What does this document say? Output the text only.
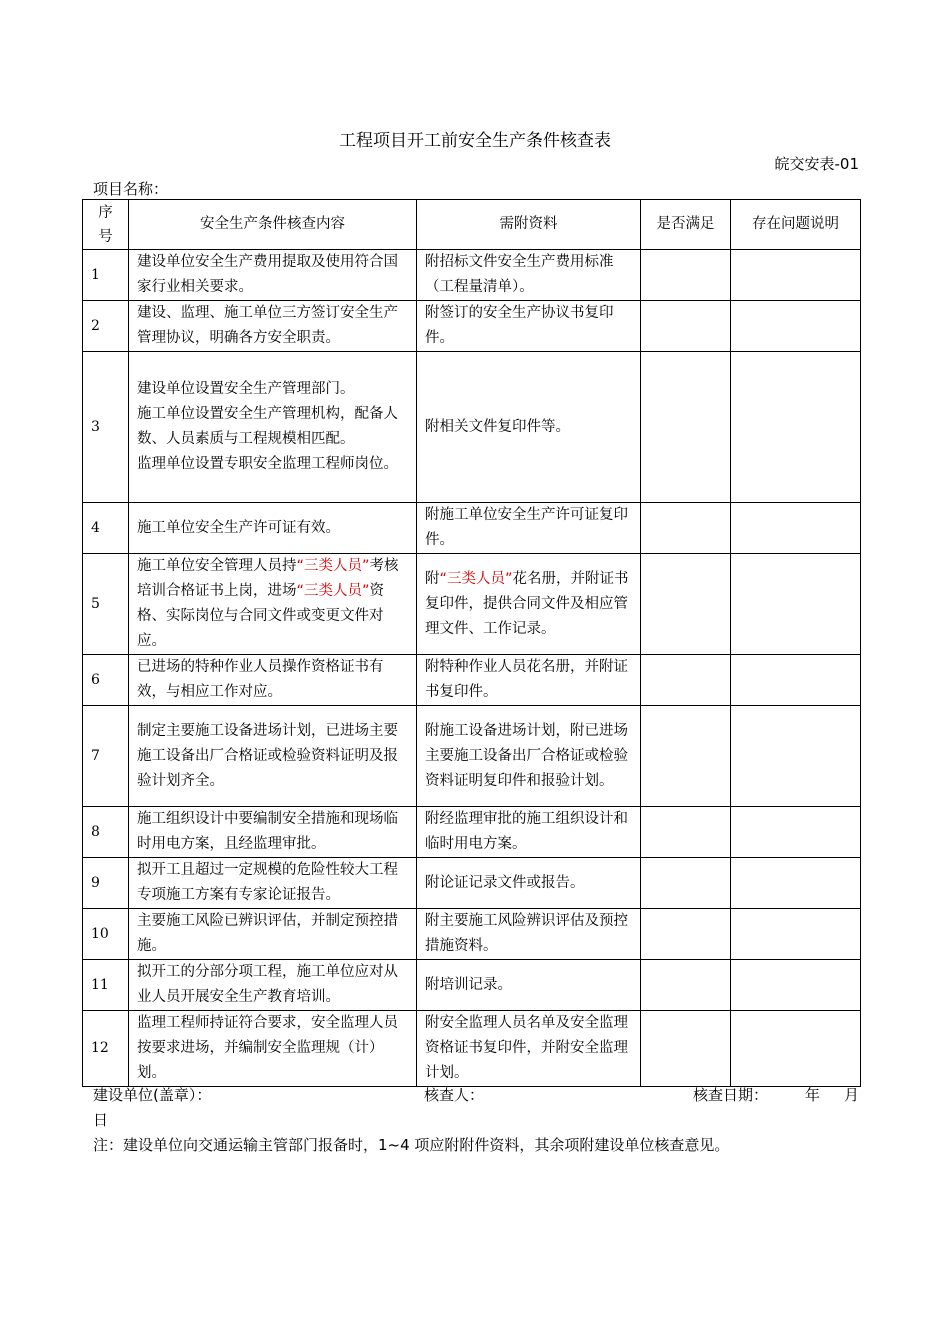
工程项目开工前安全生产条件核查表
皖交安表-01
项目名称：
序号	安全生产条件核查内容	需附资料	是否满足	存在问题说明
1	建设单位安全生产费用提取及使用符合国家行业相关要求。	附招标文件安全生产费用标准（工程量清单）。		
2	建设、监理、施工单位三方签订安全生产管理协议，明确各方安全职责。	附签订的安全生产协议书复印件。		
3	建设单位设置安全生产管理部门。
施工单位设置安全生产管理机构，配备人数、人员素质与工程规模相匹配。
监理单位设置专职安全监理工程师岗位。	附相关文件复印件等。		
4	施工单位安全生产许可证有效。	附施工单位安全生产许可证复印件。		
5	施工单位安全管理人员持“三类人员”考核培训合格证书上岗，进场“三类人员”资格、实际岗位与合同文件或变更文件对应。	附“三类人员”花名册，并附证书复印件，提供合同文件及相应管理文件、工作记录。		
6	已进场的特种作业人员操作资格证书有效，与相应工作对应。	附特种作业人员花名册，并附证书复印件。		
7	制定主要施工设备进场计划，已进场主要施工设备出厂合格证或检验资料证明及报验计划齐全。	附施工设备进场计划，附已进场主要施工设备出厂合格证或检验资料证明复印件和报验计划。		
8	施工组织设计中要编制安全措施和现场临时用电方案，且经监理审批。	附经监理审批的施工组织设计和临时用电方案。		
9	拟开工且超过一定规模的危险性较大工程专项施工方案有专家论证报告。	附论证记录文件或报告。		
10	主要施工风险已辨识评估，并制定预控措施。	附主要施工风险辨识评估及预控措施资料。		
11	拟开工的分部分项工程，施工单位应对从业人员开展安全生产教育培训。	附培训记录。		
12	监理工程师持证符合要求，安全监理人员按要求进场，并编制安全监理规（计）划。	附安全监理人员名单及安全监理资格证书复印件，并附安全监理计划。		
建设单位(盖章）：	核查人：	核查日期： 年 月
日
注：建设单位向交通运输主管部门报备时，1~4 项应附附件资料，其余项附建设单位核查意见。
